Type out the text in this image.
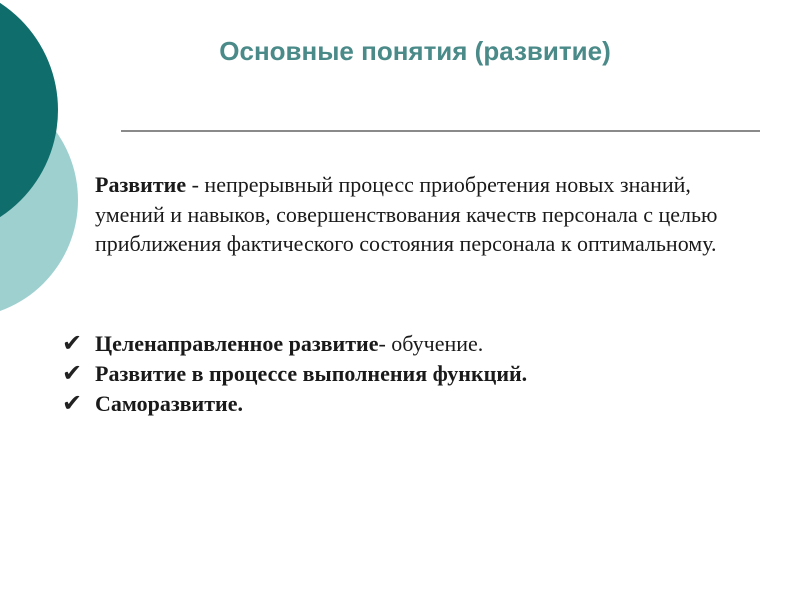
Основные понятия (развитие)
Развитие - непрерывный процесс приобретения новых знаний, умений и навыков, совершенствования качеств персонала с целью приближения фактического состояния персонала к оптимальному.
✔ Целенаправленное развитие - обучение.
✔ Развитие в процессе выполнения функций.
✔ Саморазвитие.
